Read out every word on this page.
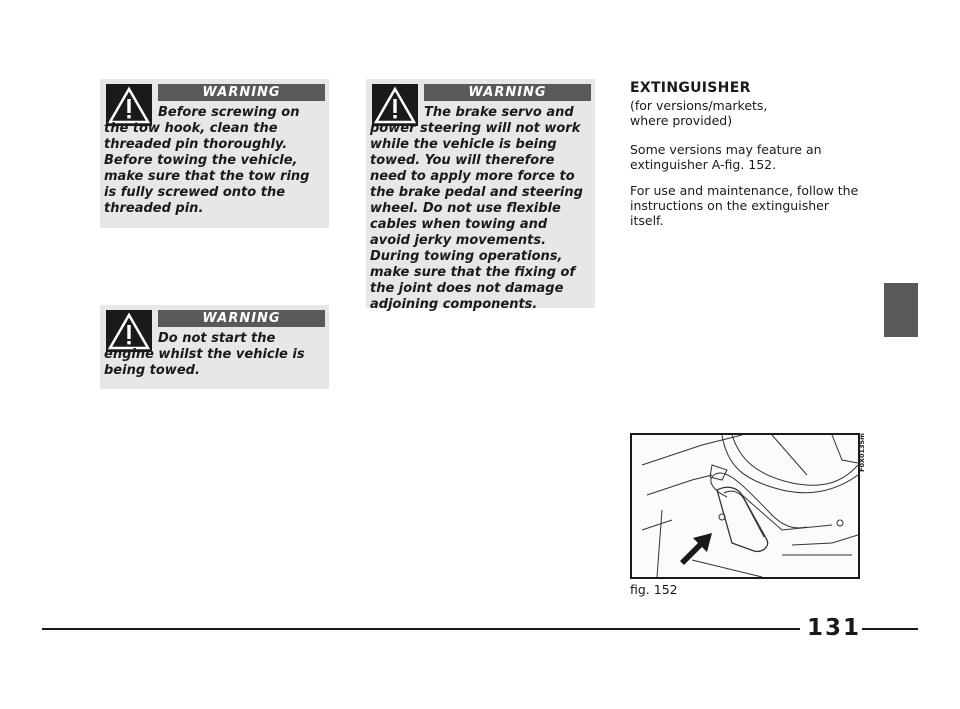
WARNING

Before screwing on the tow hook, clean the threaded pin thoroughly. Before towing the vehicle, make sure that the tow ring is fully screwed onto the threaded pin.

WARNING

Do not start the engine whilst the vehicle is being towed.

WARNING

The brake servo and power steering will not work while the vehicle is being towed. You will therefore need to apply more force to the brake pedal and steering wheel. Do not use flexible cables when towing and avoid jerky movements. During towing operations, make sure that the fixing of the joint does not damage adjoining components.

EXTINGUISHER

(for versions/markets,

where provided)

Some versions may feature an extinguisher A-fig. 152.

For use and maintenance, follow the instructions on the extinguisher itself.

F0X0135m
fig. 152
131
